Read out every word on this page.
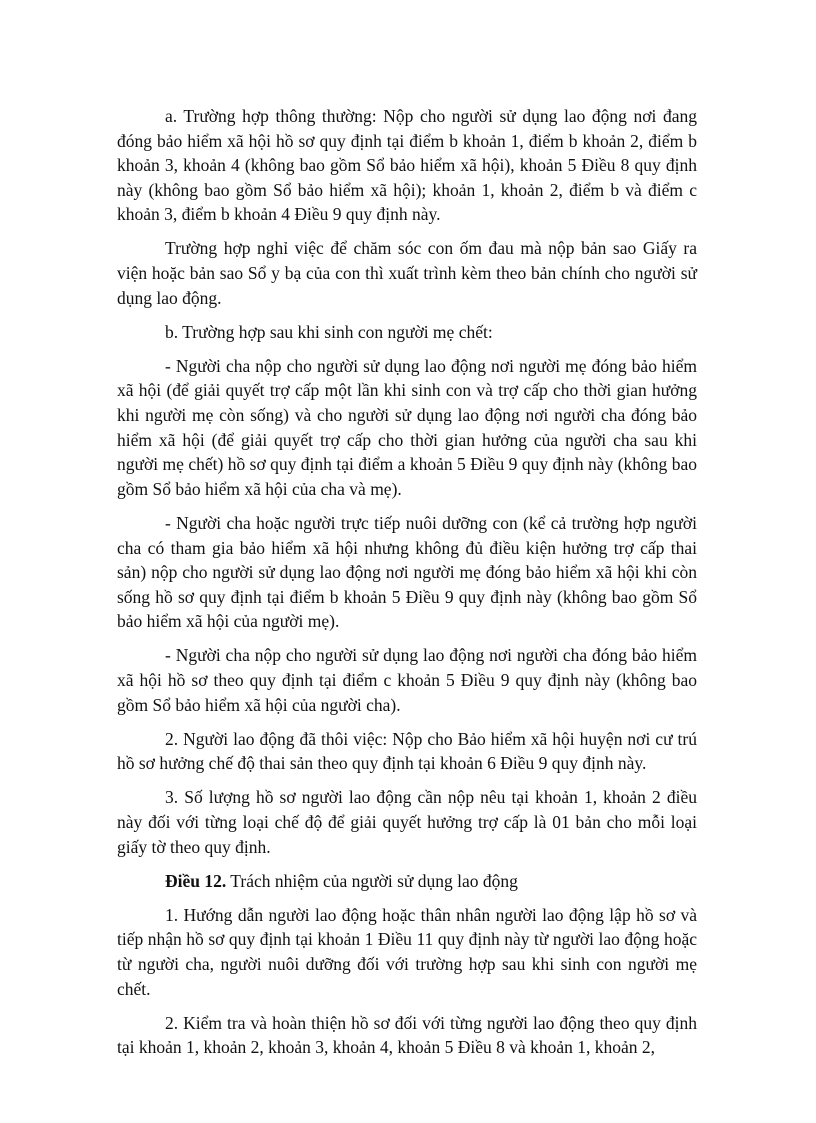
a. Trường hợp thông thường: Nộp cho người sử dụng lao động nơi đang đóng bảo hiểm xã hội hồ sơ quy định tại điểm b khoản 1, điểm b khoản 2, điểm b khoản 3, khoản 4 (không bao gồm Sổ bảo hiểm xã hội), khoản 5 Điều 8 quy định này (không bao gồm Sổ bảo hiểm xã hội); khoản 1, khoản 2, điểm b và điểm c khoản 3, điểm b khoản 4 Điều 9 quy định này.

Trường hợp nghỉ việc để chăm sóc con ốm đau mà nộp bản sao Giấy ra viện hoặc bản sao Sổ y bạ của con thì xuất trình kèm theo bản chính cho người sử dụng lao động.

b. Trường hợp sau khi sinh con người mẹ chết:

- Người cha nộp cho người sử dụng lao động nơi người mẹ đóng bảo hiểm xã hội (để giải quyết trợ cấp một lần khi sinh con và trợ cấp cho thời gian hưởng khi người mẹ còn sống) và cho người sử dụng lao động nơi người cha đóng bảo hiểm xã hội (để giải quyết trợ cấp cho thời gian hưởng của người cha sau khi người mẹ chết) hồ sơ quy định tại điểm a khoản 5 Điều 9 quy định này (không bao gồm Sổ bảo hiểm xã hội của cha và mẹ).

- Người cha hoặc người trực tiếp nuôi dưỡng con (kể cả trường hợp người cha có tham gia bảo hiểm xã hội nhưng không đủ điều kiện hưởng trợ cấp thai sản) nộp cho người sử dụng lao động nơi người mẹ đóng bảo hiểm xã hội khi còn sống hồ sơ quy định tại điểm b khoản 5 Điều 9 quy định này (không bao gồm Sổ bảo hiểm xã hội của người mẹ).

- Người cha nộp cho người sử dụng lao động nơi người cha đóng bảo hiểm xã hội hồ sơ theo quy định tại điểm c khoản 5 Điều 9 quy định này (không bao gồm Sổ bảo hiểm xã hội của người cha).

2. Người lao động đã thôi việc: Nộp cho Bảo hiểm xã hội huyện nơi cư trú hồ sơ hưởng chế độ thai sản theo quy định tại khoản 6 Điều 9 quy định này.

3. Số lượng hồ sơ người lao động cần nộp nêu tại khoản 1, khoản 2 điều này đối với từng loại chế độ để giải quyết hưởng trợ cấp là 01 bản cho mỗi loại giấy tờ theo quy định.

Điều 12. Trách nhiệm của người sử dụng lao động

1. Hướng dẫn người lao động hoặc thân nhân người lao động lập hồ sơ và tiếp nhận hồ sơ quy định tại khoản 1 Điều 11 quy định này từ người lao động hoặc từ người cha, người nuôi dưỡng đối với trường hợp sau khi sinh con người mẹ chết.

2. Kiểm tra và hoàn thiện hồ sơ đối với từng người lao động theo quy định tại khoản 1, khoản 2, khoản 3, khoản 4, khoản 5 Điều 8 và khoản 1, khoản 2,
